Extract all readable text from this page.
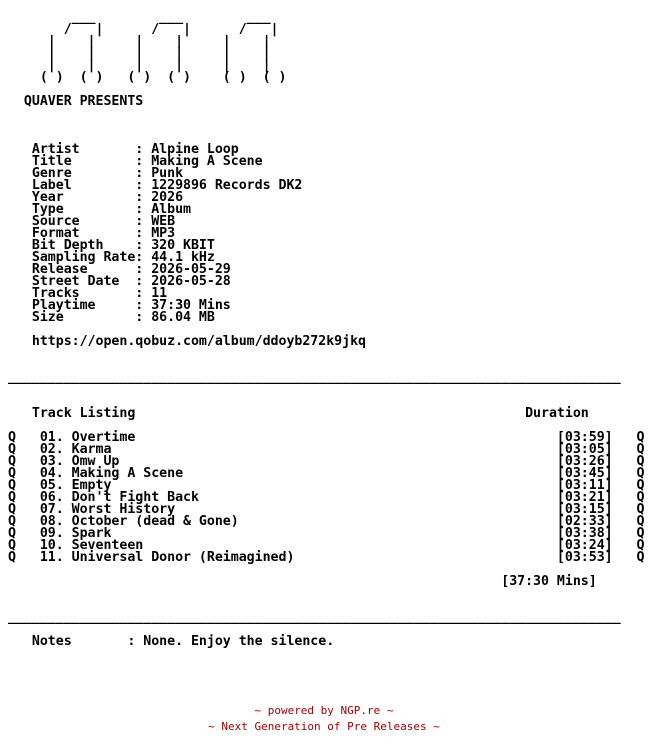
___        ___        ___
/   |      /   |      /   |
|    |     |    |     |    |
|    |     |    |     |    |
|    |     |    |     |    |
( )  ( )   ( )  ( )    ( )  ( )
QUAVER PRESENTS
Artist       : Alpine Loop
Title        : Making A Scene
Genre        : Punk
Label        : 1229896 Records DK2
Year         : 2026
Type         : Album
Source       : WEB
Format       : MP3
Bit Depth    : 320 KBIT
Sampling Rate: 44.1 kHz
Release      : 2026-05-29
Street Date  : 2026-05-28
Tracks       : 11
Playtime     : 37:30 Mins
Size         : 86.04 MB
https://open.qobuz.com/album/ddoyb272k9jkq
_____________________________________________________________________________
Track Listing                                                 Duration
Q   01. Overtime                                                     [03:59]   Q
Q   02. Karma                                                        [03:05]   Q
Q   03. Omw Up                                                       [03:26]   Q
Q   04. Making A Scene                                               [03:45]   Q
Q   05. Empty                                                        [03:11]   Q
Q   06. Don't Fight Back                                             [03:21]   Q
Q   07. Worst History                                                [03:15]   Q
Q   08. October (dead & Gone)                                        [02:33]   Q
Q   09. Spark                                                        [03:38]   Q
Q   10. Seventeen                                                    [03:24]   Q
Q   11. Universal Donor (Reimagined)                                 [03:53]   Q
[37:30 Mins]
_____________________________________________________________________________
Notes       : None. Enjoy the silence.
~ powered by NGP.re ~
~ Next Generation of Pre Releases ~
